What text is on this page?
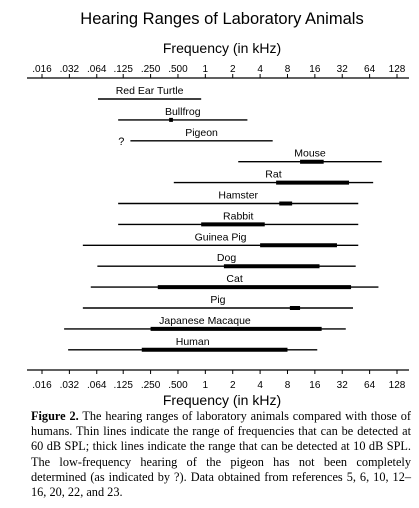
Hearing Ranges of Laboratory Animals
Frequency (in kHz)
Frequency (in kHz)
.016 .032 .064 .125 .250 .500 1 2 4 8 16 32 64 128
.016 .032 .064 .125 .250 .500 1 2 4 8 16 32 64 128
Red Ear Turtle
Bullfrog
?
Pigeon
Mouse
Rat
Hamster
Rabbit
Guinea Pig
Dog
Cat
Pig
Japanese Macaque
Human

Figure 2. The hearing ranges of laboratory animals compared with those of humans. Thin lines indicate the range of frequencies that can be detected at 60 dB SPL; thick lines indicate the range that can be detected at 10 dB SPL. The low-frequency hearing of the pigeon has not been completely determined (as indicated by ?). Data obtained from references 5, 6, 10, 12–16, 20, 22, and 23.
